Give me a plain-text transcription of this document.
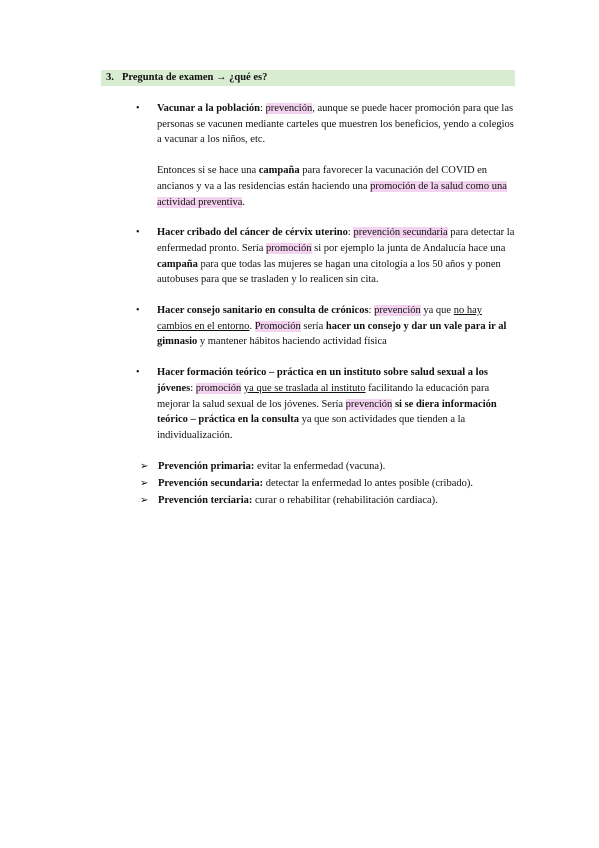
3. Pregunta de examen → ¿qué es?
• Vacunar a la población: prevención, aunque se puede hacer promoción para que las personas se vacunen mediante carteles que muestren los beneficios, yendo a colegios a vacunar a los niños, etc.

Entonces si se hace una campaña para favorecer la vacunación del COVID en ancianos y va a las residencias están haciendo una promoción de la salud como una actividad preventiva.

• Hacer cribado del cáncer de cérvix uterino: prevención secundaria para detectar la enfermedad pronto. Sería promoción si por ejemplo la junta de Andalucía hace una campaña para que todas las mujeres se hagan una citología a los 50 años y ponen autobuses para que se trasladen y lo realicen sin cita.

• Hacer consejo sanitario en consulta de crónicos: prevención ya que no hay cambios en el entorno. Promoción sería hacer un consejo y dar un vale para ir al gimnasio y mantener hábitos haciendo actividad física

• Hacer formación teórico – práctica en un instituto sobre salud sexual a los jóvenes: promoción ya que se traslada al instituto facilitando la educación para mejorar la salud sexual de los jóvenes. Sería prevención si se diera información teórico – práctica en la consulta ya que son actividades que tienden a la individualización.

➢ Prevención primaria: evitar la enfermedad (vacuna).
➢ Prevención secundaria: detectar la enfermedad lo antes posible (cribado).
➢ Prevención terciaria: curar o rehabilitar (rehabilitación cardiaca).
